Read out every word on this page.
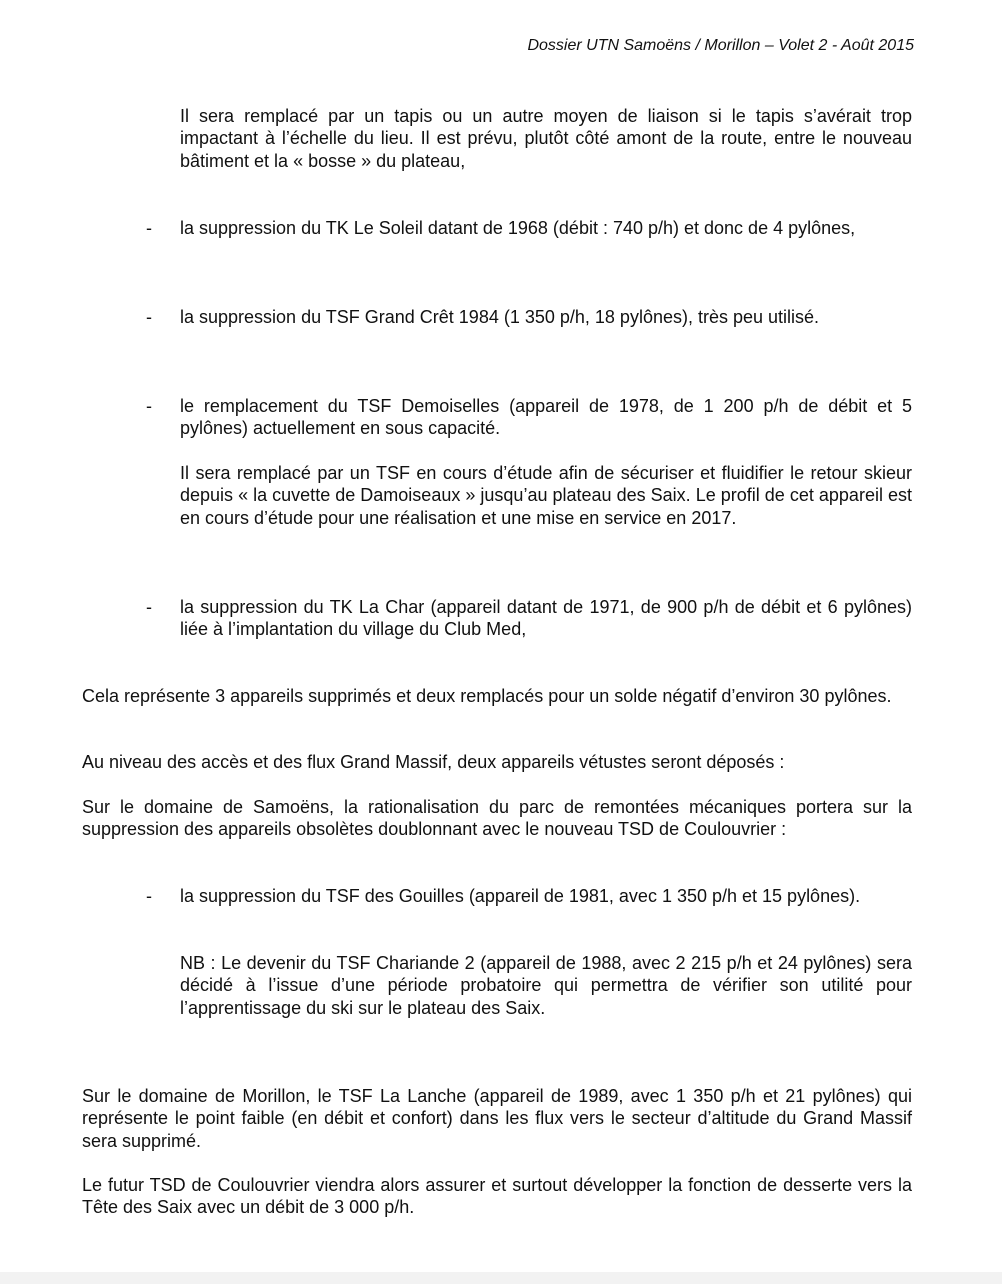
Dossier UTN Samoëns / Morillon – Volet 2 - Août 2015

Il sera remplacé par un tapis ou un autre moyen de liaison si le tapis s’avérait trop impactant à l’échelle du lieu. Il est prévu, plutôt côté amont de la route, entre le nouveau bâtiment et la « bosse » du plateau,

-	la suppression du TK Le Soleil datant de 1968 (débit : 740 p/h) et donc de 4 pylônes,

-	la suppression du TSF Grand Crêt 1984 (1 350 p/h, 18 pylônes), très peu utilisé.

-	le remplacement du TSF Demoiselles (appareil de 1978, de 1 200 p/h de débit et 5 pylônes) actuellement en sous capacité.

Il sera remplacé par un TSF en cours d’étude afin de sécuriser et fluidifier le retour skieur depuis « la cuvette de Damoiseaux » jusqu’au plateau des Saix. Le profil de cet appareil est en cours d’étude pour une réalisation et une mise en service en 2017.

-	la suppression du TK La Char (appareil datant de 1971, de 900 p/h de débit et 6 pylônes) liée à l’implantation du village du Club Med,

Cela représente 3 appareils supprimés et deux remplacés pour un solde négatif d’environ 30 pylônes.

Au niveau des accès et des flux Grand Massif, deux appareils vétustes seront déposés :

Sur le domaine de Samoëns, la rationalisation du parc de remontées mécaniques portera sur la suppression des appareils obsolètes doublonnant avec le nouveau TSD de Coulouvrier :

-	la suppression du TSF des Gouilles (appareil de 1981, avec 1 350 p/h et 15 pylônes).

NB : Le devenir du TSF Chariande 2 (appareil de 1988, avec 2 215 p/h et 24 pylônes) sera décidé à l’issue d’une période probatoire qui permettra de vérifier son utilité pour l’apprentissage du ski sur le plateau des Saix.

Sur le domaine de Morillon, le TSF La Lanche (appareil de 1989, avec 1 350 p/h et 21 pylônes) qui représente le point faible (en débit et confort) dans les flux vers le secteur d’altitude du Grand Massif sera supprimé.

Le futur TSD de Coulouvrier viendra alors assurer et surtout développer la fonction de desserte vers la Tête des Saix avec un débit de 3 000 p/h.
